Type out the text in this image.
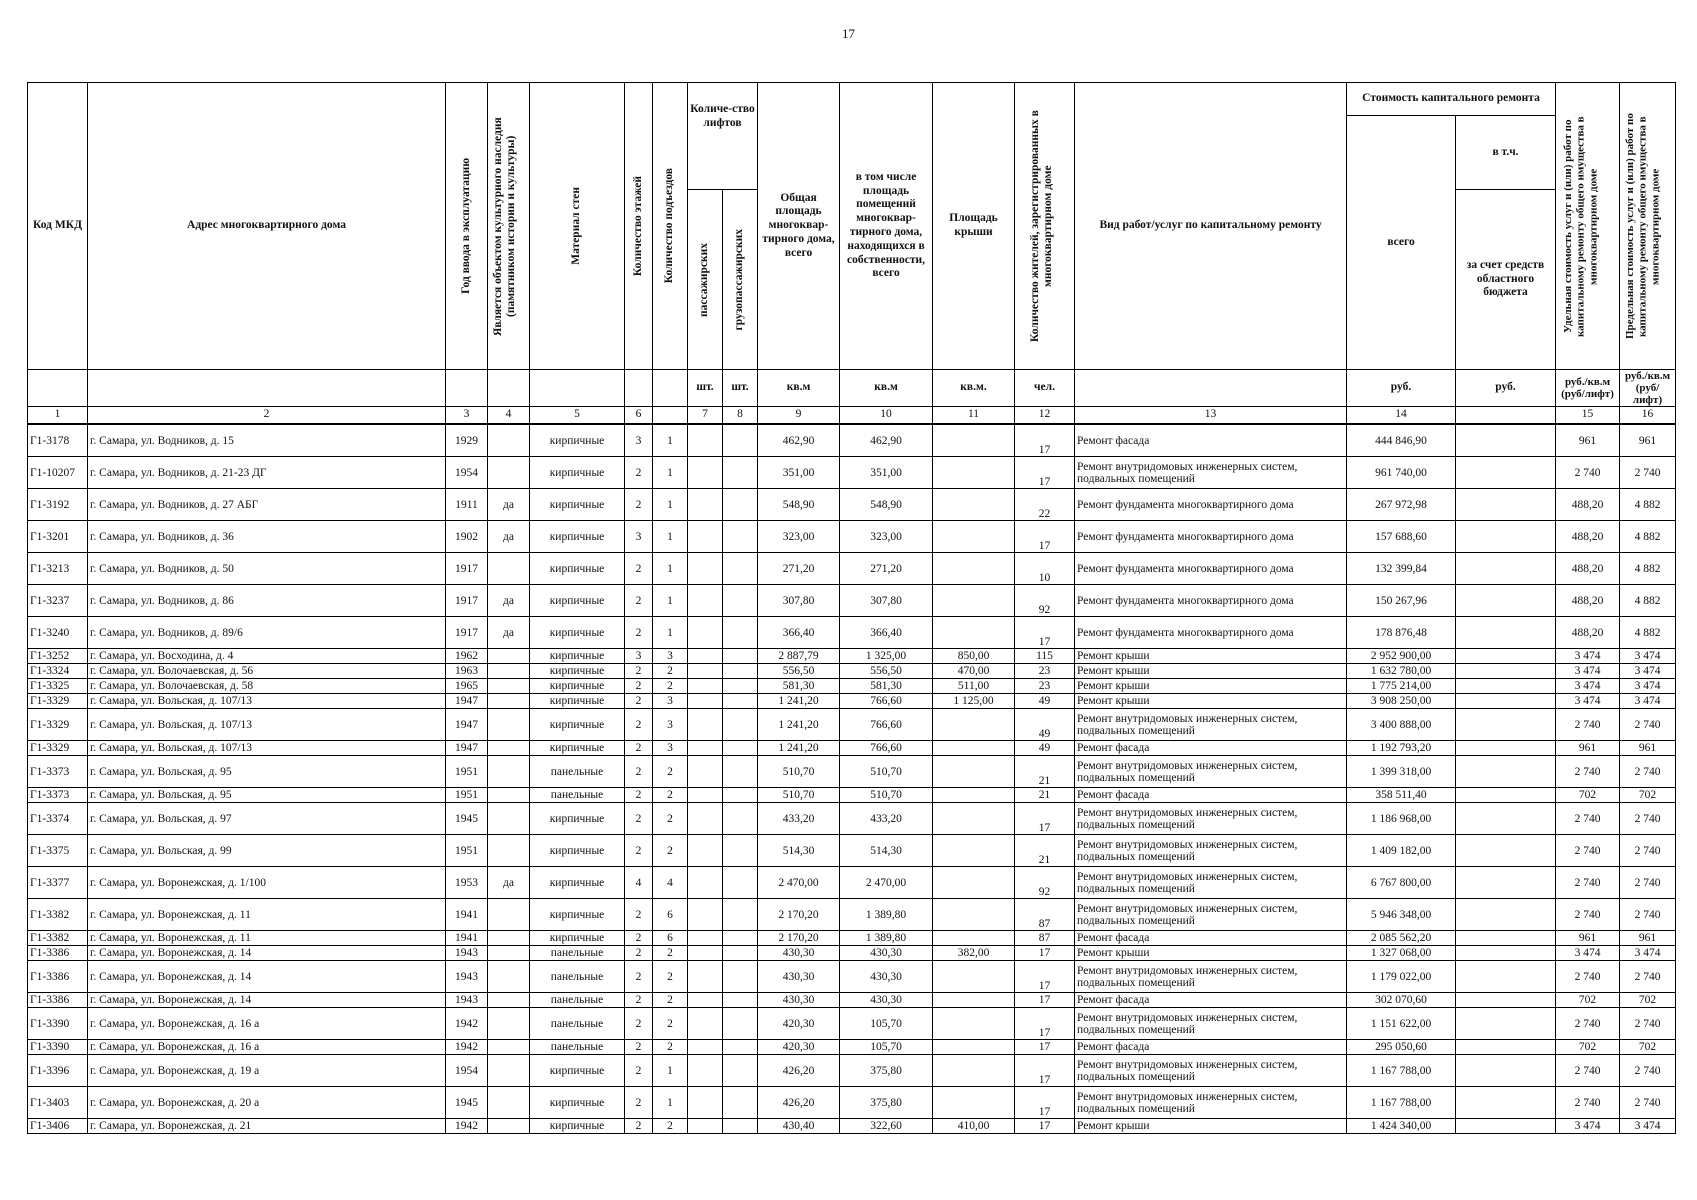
17
Код МКД	Адрес многоквартирного дома	Год ввода в эксплуатацию	Является объектом культурного наследия (памятником истории и культуры)	Материал стен	Количество этажей	Количество подъездов	Количе-ство лифтов		Общая площадь многоквар-тирного дома, всего	в том числе площадь помещений многоквар-тирного дома, находящихся в собственности, всего	Площадь крыши	Количество жителей, зарегистрированных в многоквартирном доме	Вид работ/услуг по капитальному ремонту	Стоимость капитального ремонта		Удельная стоимость услуг и (или) работ по капитальному ремонту общего имущества в многоквартирном доме	Предельная стоимость услуг и (или) работ по капитальному ремонту общего имущества в многоквартирном доме

														всего	в т.ч.		

							пассажирских	грузопассажирских							за счет средств областного бюджета		
							шт.	шт.	кв.м	кв.м	кв.м.	чел.		руб.	руб.	руб./кв.м (руб/лифт)	руб./кв.м (руб/лифт)
1	2	3	4	5	6		7	8	9	10	11	12	13	14		15	16
Г1-3178	г. Самара, ул. Водников, д. 15	1929		кирпичные	3	1			462,90	462,90		17	Ремонт фасада	444 846,90		961	961
Г1-10207	г. Самара, ул. Водников, д. 21-23 ДГ	1954		кирпичные	2	1			351,00	351,00		17	Ремонт внутридомовых инженерных систем, подвальных помещений	961 740,00		2 740	2 740
Г1-3192	г. Самара, ул. Водников, д. 27 АБГ	1911	да	кирпичные	2	1			548,90	548,90		22	Ремонт фундамента многоквартирного дома	267 972,98		488,20	4 882
Г1-3201	г. Самара, ул. Водников, д. 36	1902	да	кирпичные	3	1			323,00	323,00		17	Ремонт фундамента многоквартирного дома	157 688,60		488,20	4 882
Г1-3213	г. Самара, ул. Водников, д. 50	1917		кирпичные	2	1			271,20	271,20		10	Ремонт фундамента многоквартирного дома	132 399,84		488,20	4 882
Г1-3237	г. Самара, ул. Водников, д. 86	1917	да	кирпичные	2	1			307,80	307,80		92	Ремонт фундамента многоквартирного дома	150 267,96		488,20	4 882
Г1-3240	г. Самара, ул. Водников, д. 89/6	1917	да	кирпичные	2	1			366,40	366,40		17	Ремонт фундамента многоквартирного дома	178 876,48		488,20	4 882
Г1-3252	г. Самара, ул. Восходина, д. 4	1962		кирпичные	3	3			2 887,79	1 325,00	850,00	115	Ремонт крыши	2 952 900,00		3 474	3 474
Г1-3324	г. Самара, ул. Волочаевская, д. 56	1963		кирпичные	2	2			556,50	556,50	470,00	23	Ремонт крыши	1 632 780,00		3 474	3 474
Г1-3325	г. Самара, ул. Волочаевская, д. 58	1965		кирпичные	2	2			581,30	581,30	511,00	23	Ремонт крыши	1 775 214,00		3 474	3 474
Г1-3329	г. Самара, ул. Вольская, д. 107/13	1947		кирпичные	2	3			1 241,20	766,60	1 125,00	49	Ремонт крыши	3 908 250,00		3 474	3 474
Г1-3329	г. Самара, ул. Вольская, д. 107/13	1947		кирпичные	2	3			1 241,20	766,60		49	Ремонт внутридомовых инженерных систем, подвальных помещений	3 400 888,00		2 740	2 740
Г1-3329	г. Самара, ул. Вольская, д. 107/13	1947		кирпичные	2	3			1 241,20	766,60		49	Ремонт фасада	1 192 793,20		961	961
Г1-3373	г. Самара, ул. Вольская, д. 95	1951		панельные	2	2			510,70	510,70		21	Ремонт внутридомовых инженерных систем, подвальных помещений	1 399 318,00		2 740	2 740
Г1-3373	г. Самара, ул. Вольская, д. 95	1951		панельные	2	2			510,70	510,70		21	Ремонт фасада	358 511,40		702	702
Г1-3374	г. Самара, ул. Вольская, д. 97	1945		кирпичные	2	2			433,20	433,20		17	Ремонт внутридомовых инженерных систем, подвальных помещений	1 186 968,00		2 740	2 740
Г1-3375	г. Самара, ул. Вольская, д. 99	1951		кирпичные	2	2			514,30	514,30		21	Ремонт внутридомовых инженерных систем, подвальных помещений	1 409 182,00		2 740	2 740
Г1-3377	г. Самара, ул. Воронежская, д. 1/100	1953	да	кирпичные	4	4			2 470,00	2 470,00		92	Ремонт внутридомовых инженерных систем, подвальных помещений	6 767 800,00		2 740	2 740
Г1-3382	г. Самара, ул. Воронежская, д. 11	1941		кирпичные	2	6			2 170,20	1 389,80		87	Ремонт внутридомовых инженерных систем, подвальных помещений	5 946 348,00		2 740	2 740
Г1-3382	г. Самара, ул. Воронежская, д. 11	1941		кирпичные	2	6			2 170,20	1 389,80		87	Ремонт фасада	2 085 562,20		961	961
Г1-3386	г. Самара, ул. Воронежская, д. 14	1943		панельные	2	2			430,30	430,30	382,00	17	Ремонт крыши	1 327 068,00		3 474	3 474
Г1-3386	г. Самара, ул. Воронежская, д. 14	1943		панельные	2	2			430,30	430,30		17	Ремонт внутридомовых инженерных систем, подвальных помещений	1 179 022,00		2 740	2 740
Г1-3386	г. Самара, ул. Воронежская, д. 14	1943		панельные	2	2			430,30	430,30		17	Ремонт фасада	302 070,60		702	702
Г1-3390	г. Самара, ул. Воронежская, д. 16 а	1942		панельные	2	2			420,30	105,70		17	Ремонт внутридомовых инженерных систем, подвальных помещений	1 151 622,00		2 740	2 740
Г1-3390	г. Самара, ул. Воронежская, д. 16 а	1942		панельные	2	2			420,30	105,70		17	Ремонт фасада	295 050,60		702	702
Г1-3396	г. Самара, ул. Воронежская, д. 19 а	1954		кирпичные	2	1			426,20	375,80		17	Ремонт внутридомовых инженерных систем, подвальных помещений	1 167 788,00		2 740	2 740
Г1-3403	г. Самара, ул. Воронежская, д. 20 а	1945		кирпичные	2	1			426,20	375,80		17	Ремонт внутридомовых инженерных систем, подвальных помещений	1 167 788,00		2 740	2 740
Г1-3406	г. Самара, ул. Воронежская, д. 21	1942		кирпичные	2	2			430,40	322,60	410,00	17	Ремонт крыши	1 424 340,00		3 474	3 474
